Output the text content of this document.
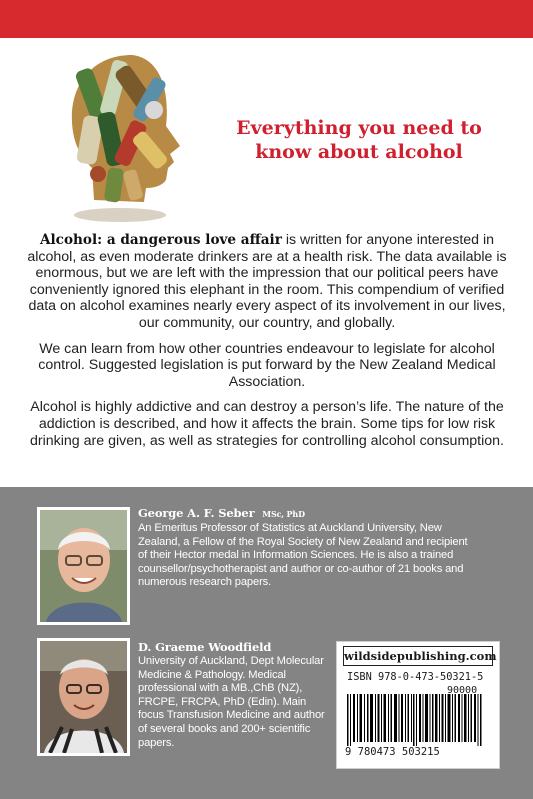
Everything you need to
know about alcohol

Alcohol: a dangerous love affair is written for anyone interested in alcohol, as even moderate drinkers are at a health risk. The data available is enormous, but we are left with the impression that our political peers have conveniently ignored this elephant in the room. This compendium of verified data on alcohol examines nearly every aspect of its involvement in our lives, our community, our country, and globally.

We can learn from how other countries endeavour to legislate for alcohol control. Suggested legislation is put forward by the New Zealand Medical Association.

Alcohol is highly addictive and can destroy a person’s life. The nature of the addiction is described, and how it affects the brain. Some tips for low risk drinking are given, as well as strategies for controlling alcohol consumption.

George A. F. Seber MSc, PhD
An Emeritus Professor of Statistics at Auckland University, New Zealand, a Fellow of the Royal Society of New Zealand and recipient of their Hector medal in Information Sciences. He is also a trained counsellor/psychotherapist and author or co-author of 21 books and numerous research papers.
D. Graeme Woodfield
University of Auckland, Dept Molecular Medicine & Pathology. Medical professional with a MB.,ChB (NZ), FRCPE, FRCPA, PhD (Edin). Main focus Transfusion Medicine and author of several books and 200+ scientific papers.
wildsidepublishing.com
ISBN 978-0-473-50321-5
90000
9 780473 503215
